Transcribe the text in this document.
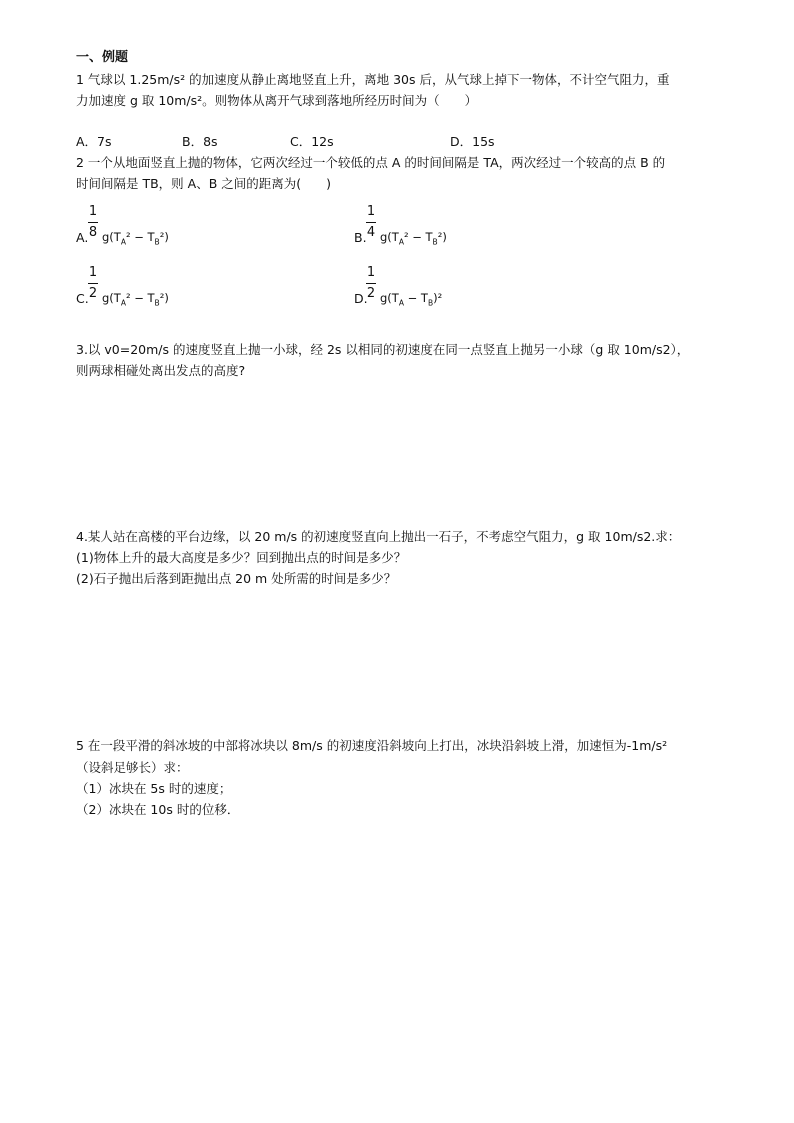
一、例题
1 气球以 1.25m/s² 的加速度从静止离地竖直上升，离地 30s 后，从气球上掉下一物体，不计空气阻力，重
力加速度 g 取 10m/s²。则物体从离开气球到落地所经历时间为（　　）
A．7s	B．8s	C．12s	D．15s
2 一个从地面竖直上抛的物体，它两次经过一个较低的点 A 的时间间隔是 TA，两次经过一个较高的点 B 的
时间间隔是 TB，则 A、B 之间的距离为(　　)
A.
1
8 $g(T_A^2 - T_B^2)$	B.
1
4 $g(T_A^2 - T_B^2)$
C.
1
2 $g(T_A^2 - T_B^2)$	D.
1
2 $g(T_A - T_B)^2$
3.以 v0=20m/s 的速度竖直上抛一小球，经 2s 以相同的初速度在同一点竖直上抛另一小球（g 取 10m/s2），
则两球相碰处离出发点的高度?
4.某人站在高楼的平台边缘，以 20 m/s 的初速度竖直向上抛出一石子，不考虑空气阻力，g 取 10m/s2.求：
(1)物体上升的最大高度是多少？回到抛出点的时间是多少？
(2)石子抛出后落到距抛出点 20 m 处所需的时间是多少？
5 在一段平滑的斜冰坡的中部将冰块以 8m/s 的初速度沿斜坡向上打出，冰块沿斜坡上滑，加速恒为-1m/s²
（设斜足够长）求：
（1）冰块在 5s 时的速度；
（2）冰块在 10s 时的位移．
